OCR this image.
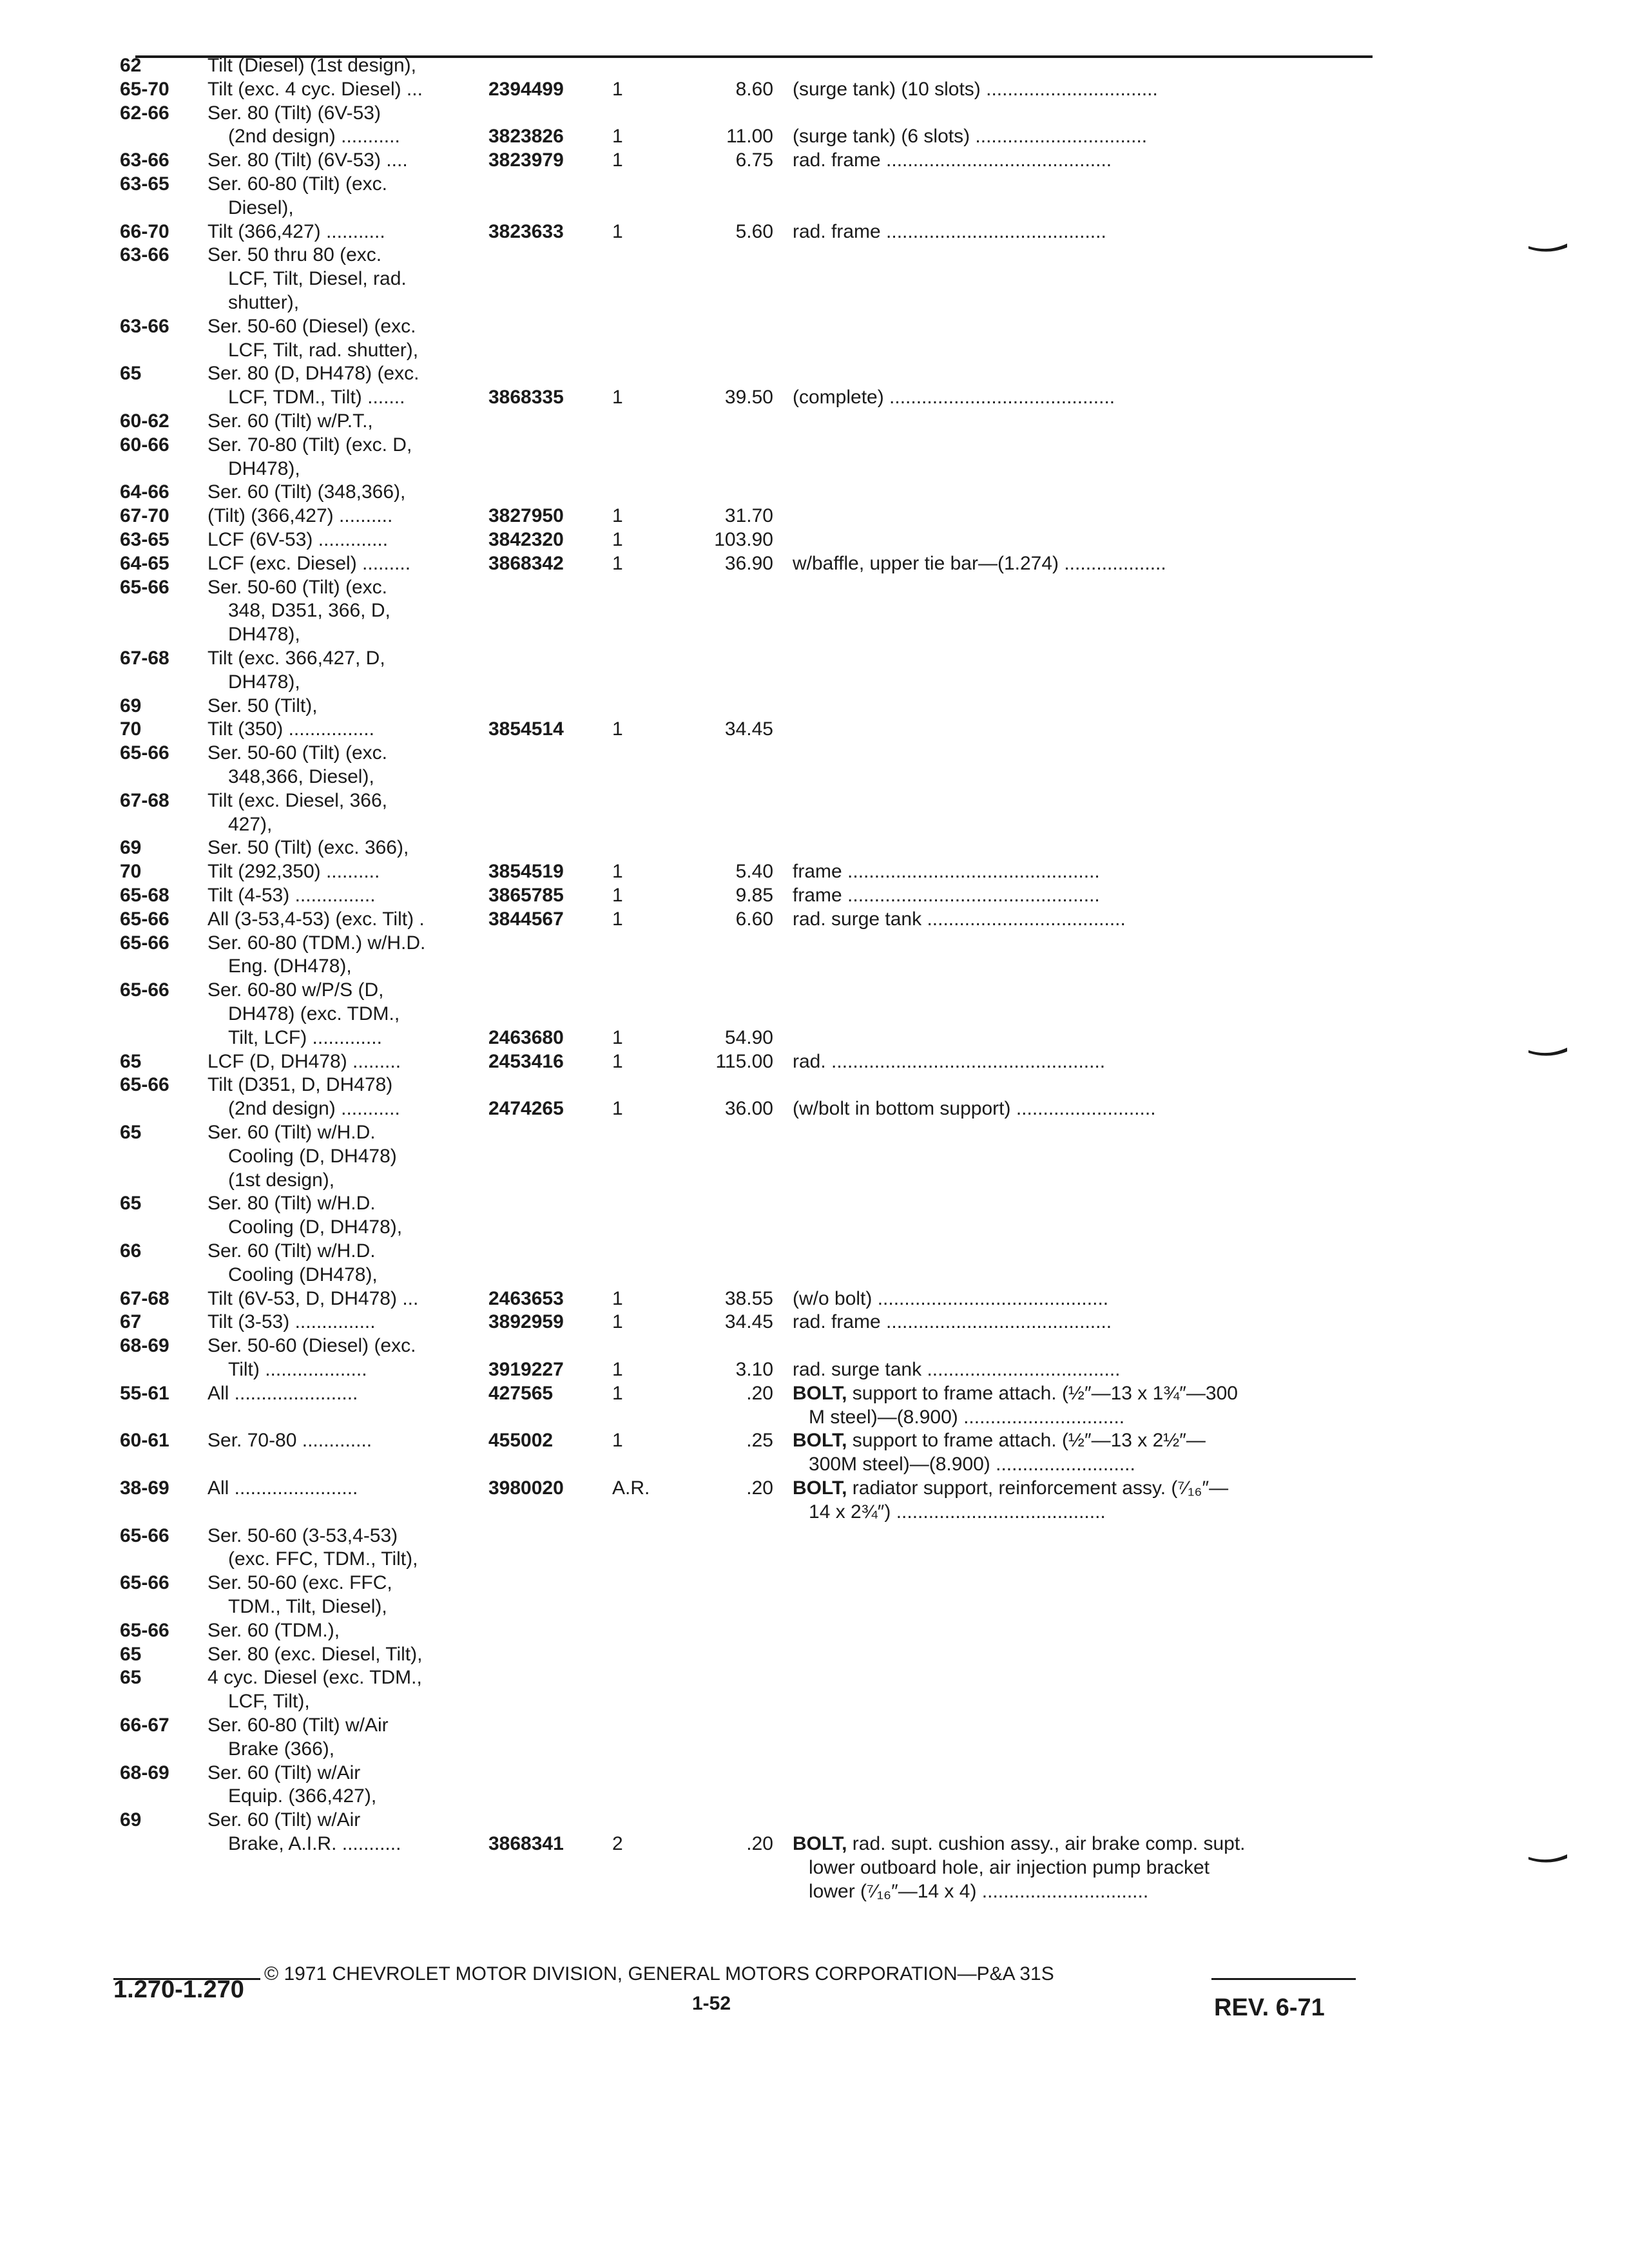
62	Tilt (Diesel) (1st design),
65-70 Tilt (exc. 4 cyc. Diesel) ...	2394499	1	8.60 (surge tank) (10 slots) ................................
62-66 Ser. 80 (Tilt) (6V-53)
(2nd design) ...........	3823826	1	11.00 (surge tank) (6 slots) ................................
63-66 Ser. 80 (Tilt) (6V-53) ....	3823979	1	6.75 rad. frame ..........................................
63-65 Ser. 60-80 (Tilt) (exc.
Diesel),
66-70 Tilt (366,427) ...........	3823633	1	5.60 rad. frame .........................................
63-66 Ser. 50 thru 80 (exc.
LCF, Tilt, Diesel, rad.
shutter),
63-66 Ser. 50-60 (Diesel) (exc.
LCF, Tilt, rad. shutter),
65	Ser. 80 (D, DH478) (exc.
LCF, TDM., Tilt) .......	3868335	1	39.50 (complete) ..........................................
60-62 Ser. 60 (Tilt) w/P.T.,
60-66 Ser. 70-80 (Tilt) (exc. D,
DH478),
64-66 Ser. 60 (Tilt) (348,366),
67-70 (Tilt) (366,427) ..........	3827950	1	31.70
63-65 LCF (6V-53) .............	3842320	1	103.90
64-65 LCF (exc. Diesel) .........	3868342	1	36.90 w/baffle, upper tie bar—(1.274) ...................
65-66 Ser. 50-60 (Tilt) (exc.
348, D351, 366, D,
DH478),
67-68 Tilt (exc. 366,427, D,
DH478),
69	Ser. 50 (Tilt),
70	Tilt (350) ................	3854514	1	34.45
65-66 Ser. 50-60 (Tilt) (exc.
348,366, Diesel),
67-68 Tilt (exc. Diesel, 366,
427),
69	Ser. 50 (Tilt) (exc. 366),
70	Tilt (292,350) ..........	3854519	1	5.40 frame ...............................................
65-68 Tilt (4-53) ...............	3865785	1	9.85 frame ...............................................
65-66 All (3-53,4-53) (exc. Tilt) .	3844567	1	6.60 rad. surge tank .....................................
65-66 Ser. 60-80 (TDM.) w/H.D.
Eng. (DH478),
65-66 Ser. 60-80 w/P/S (D,
DH478) (exc. TDM.,
Tilt, LCF) .............	2463680	1	54.90
65	LCF (D, DH478) .........	2453416	1	115.00 rad. ...................................................
65-66 Tilt (D351, D, DH478)
(2nd design) ...........	2474265	1	36.00 (w/bolt in bottom support) ..........................
65	Ser. 60 (Tilt) w/H.D.
Cooling (D, DH478)
(1st design),
65	Ser. 80 (Tilt) w/H.D.
Cooling (D, DH478),
66	Ser. 60 (Tilt) w/H.D.
Cooling (DH478),
67-68 Tilt (6V-53, D, DH478) ...	2463653	1	38.55 (w/o bolt) ...........................................
67	Tilt (3-53) ...............	3892959	1	34.45 rad. frame ..........................................
68-69 Ser. 50-60 (Diesel) (exc.
Tilt) ...................	3919227	1	3.10 rad. surge tank ....................................
55-61 All .......................	427565	1	.20 BOLT, support to frame attach. (½″—13 x 1¾″—300
M steel)—(8.900) ..............................
60-61 Ser. 70-80 .............	455002	1	.25 BOLT, support to frame attach. (½″—13 x 2½″—
300M steel)—(8.900) ..........................
38-69 All .......................	3980020	A.R.	.20 BOLT, radiator support, reinforcement assy. (⁷⁄₁₆″—
14 x 2¾″) .......................................
65-66 Ser. 50-60 (3-53,4-53)
(exc. FFC, TDM., Tilt),
65-66 Ser. 50-60 (exc. FFC,
TDM., Tilt, Diesel),
65-66 Ser. 60 (TDM.),
65	Ser. 80 (exc. Diesel, Tilt),
65	4 cyc. Diesel (exc. TDM.,
LCF, Tilt),
66-67 Ser. 60-80 (Tilt) w/Air
Brake (366),
68-69 Ser. 60 (Tilt) w/Air
Equip. (366,427),
69	Ser. 60 (Tilt) w/Air
Brake, A.I.R. ...........	3868341	2	.20 BOLT, rad. supt. cushion assy., air brake comp. supt.
lower outboard hole, air injection pump bracket
lower (⁷⁄₁₆″—14 x 4) ...............................
© 1971 CHEVROLET MOTOR DIVISION, GENERAL MOTORS CORPORATION—P&A 31S
1.270-1.270
1-52	REV. 6-71
